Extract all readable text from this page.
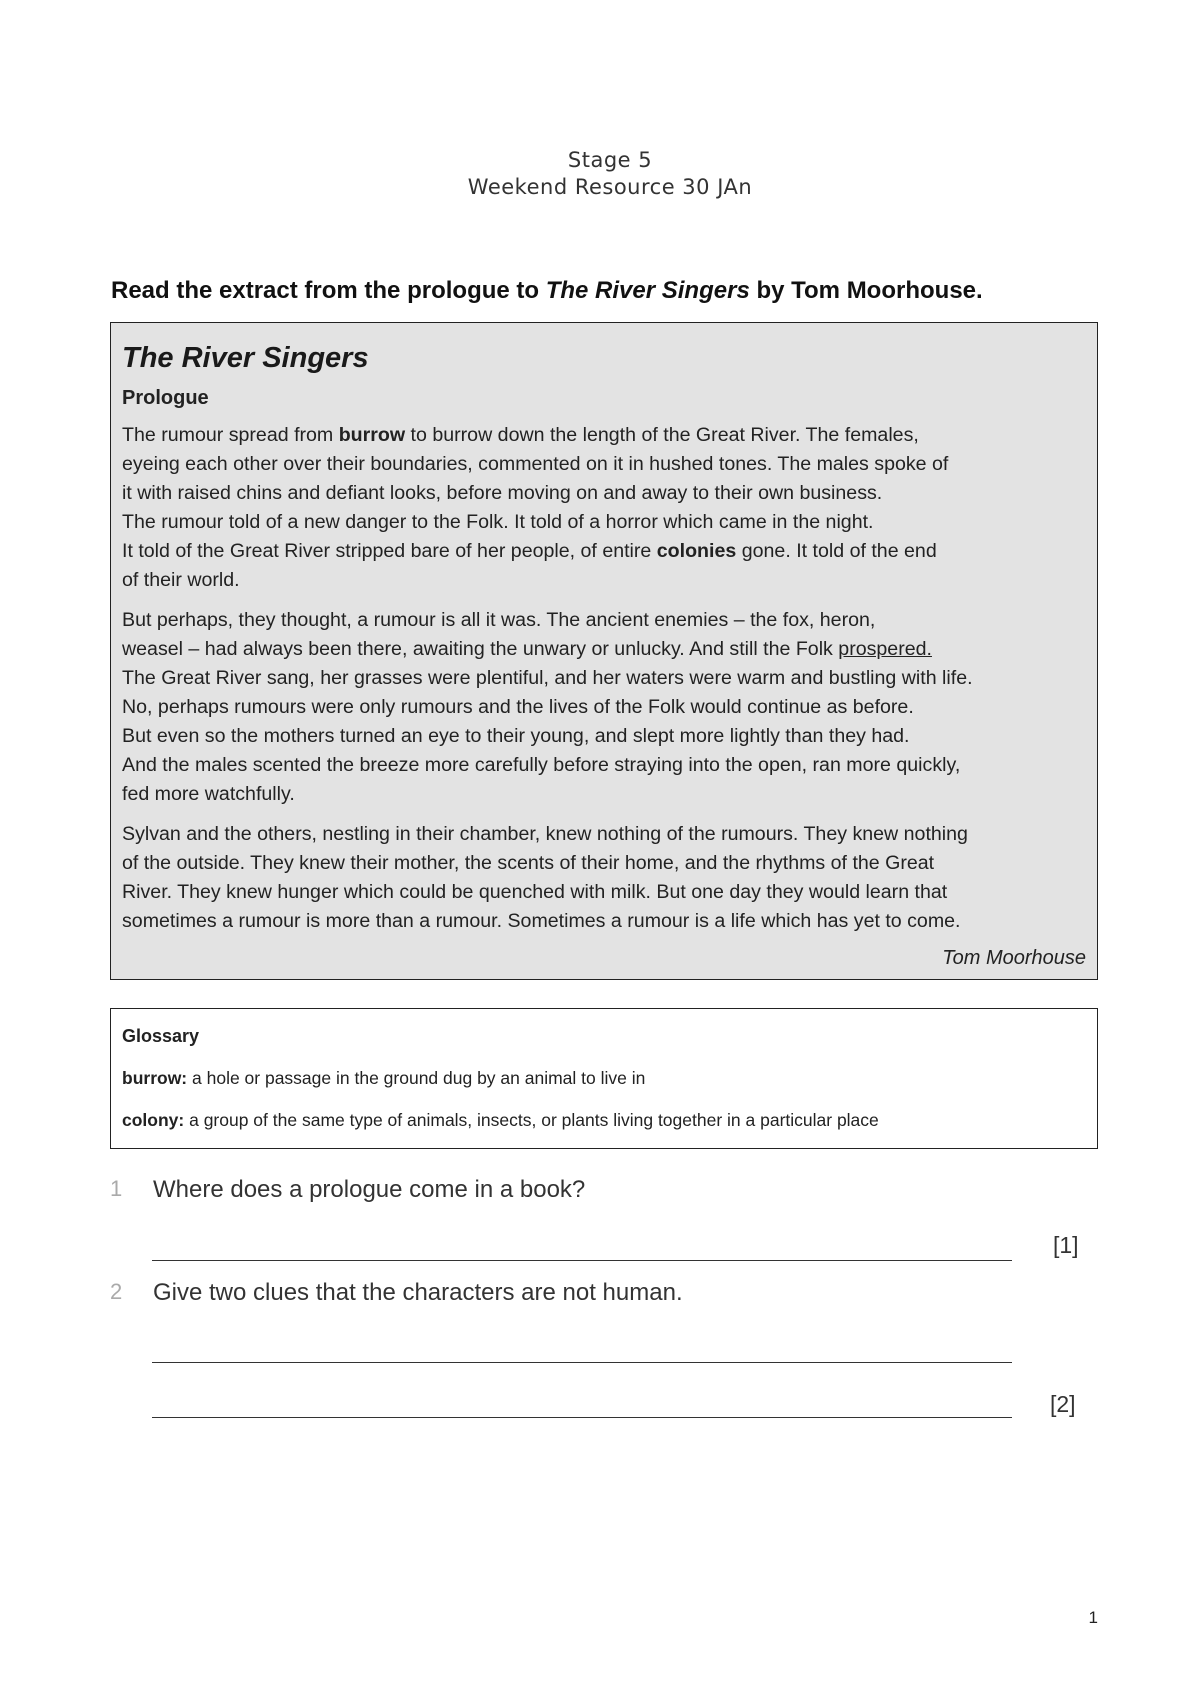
Stage 5
Weekend Resource 30 JAn
Read the extract from the prologue to The River Singers by Tom Moorhouse.
The River Singers
Prologue

The rumour spread from burrow to burrow down the length of the Great River. The females,
eyeing each other over their boundaries, commented on it in hushed tones. The males spoke of
it with raised chins and defiant looks, before moving on and away to their own business.
The rumour told of a new danger to the Folk. It told of a horror which came in the night.
It told of the Great River stripped bare of her people, of entire colonies gone. It told of the end
of their world.

But perhaps, they thought, a rumour is all it was. The ancient enemies – the fox, heron,
weasel – had always been there, awaiting the unwary or unlucky. And still the Folk prospered.
The Great River sang, her grasses were plentiful, and her waters were warm and bustling with life.
No, perhaps rumours were only rumours and the lives of the Folk would continue as before.
But even so the mothers turned an eye to their young, and slept more lightly than they had.
And the males scented the breeze more carefully before straying into the open, ran more quickly,
fed more watchfully.

Sylvan and the others, nestling in their chamber, knew nothing of the rumours. They knew nothing
of the outside. They knew their mother, the scents of their home, and the rhythms of the Great
River. They knew hunger which could be quenched with milk. But one day they would learn that
sometimes a rumour is more than a rumour. Sometimes a rumour is a life which has yet to come.

Tom Moorhouse
Glossary
burrow: a hole or passage in the ground dug by an animal to live in
colony: a group of the same type of animals, insects, or plants living together in a particular place
1 Where does a prologue come in a book?
[1]
2 Give two clues that the characters are not human.
[2]
1
